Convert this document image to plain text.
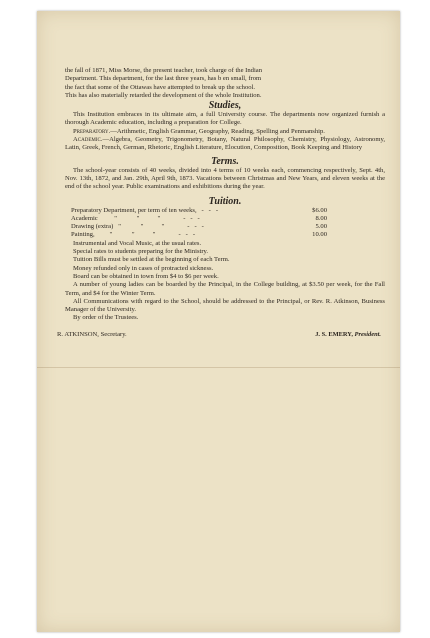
the fall of 1871, Miss Morse, the present teacher, took charge of the Indian

Department. This department, for the last three years, has b en small, from

the fact that some of the Ottawas have attempted to break up the school.

This has also materially retarded the development of the whole Institution.

Studies,

This Institution embraces in its ultimate aim, a full University course. The departments now organized furnish a thorough Academic education, including a preparation for College.

Preparatory.—Arithmetic, English Grammar, Geography, Reading, Spelling and Penmanship.

Academic.—Algebra, Geometry, Trigonometry, Botany, Natural Philosophy, Chemistry, Physiology, Astronomy, Latin, Greek, French, German, Rhetoric, English Literature, Elocution, Composition, Book Keeping and History

Terms.

The school-year consists of 40 weeks, divided into 4 terms of 10 weeks each, commencing respectively, Sept. 4th, Nov. 13th, 1872, and Jan. 29th, April 9th, 1873. Vacations between Christmas and New Years, and eleven weeks at the end of the school year. Public examinations and exhibitions during the year.

Tuition.

Preparatory Department, per term of ten weeks,   -   -   -	$6.00
Academic          "            "           "              -   -   -	8.00
Drawing (extra)   "            "           "              -   -   -	5.00
Painting,         "            "           "              -   -   -	10.00

Instrumental and Vocal Music, at the usual rates.

Special rates to students preparing for the Ministry.

Tuition Bills must be settled at the beginning of each Term.

Money refunded only in cases of protracted sickness.

Board can be obtained in town from $4 to $6 per week.

A number of young ladies can be boarded by the Principal, in the College building, at $3.50 per week, for the Fall Term, and $4 for the Winter Term.

All Communications with regard to the School, should be addressed to the Principal, or Rev. R. Atkinson, Business Manager of the University.

By order of the Trustees.

R. ATKINSON, Secretary.	J. S. EMERY, President.
